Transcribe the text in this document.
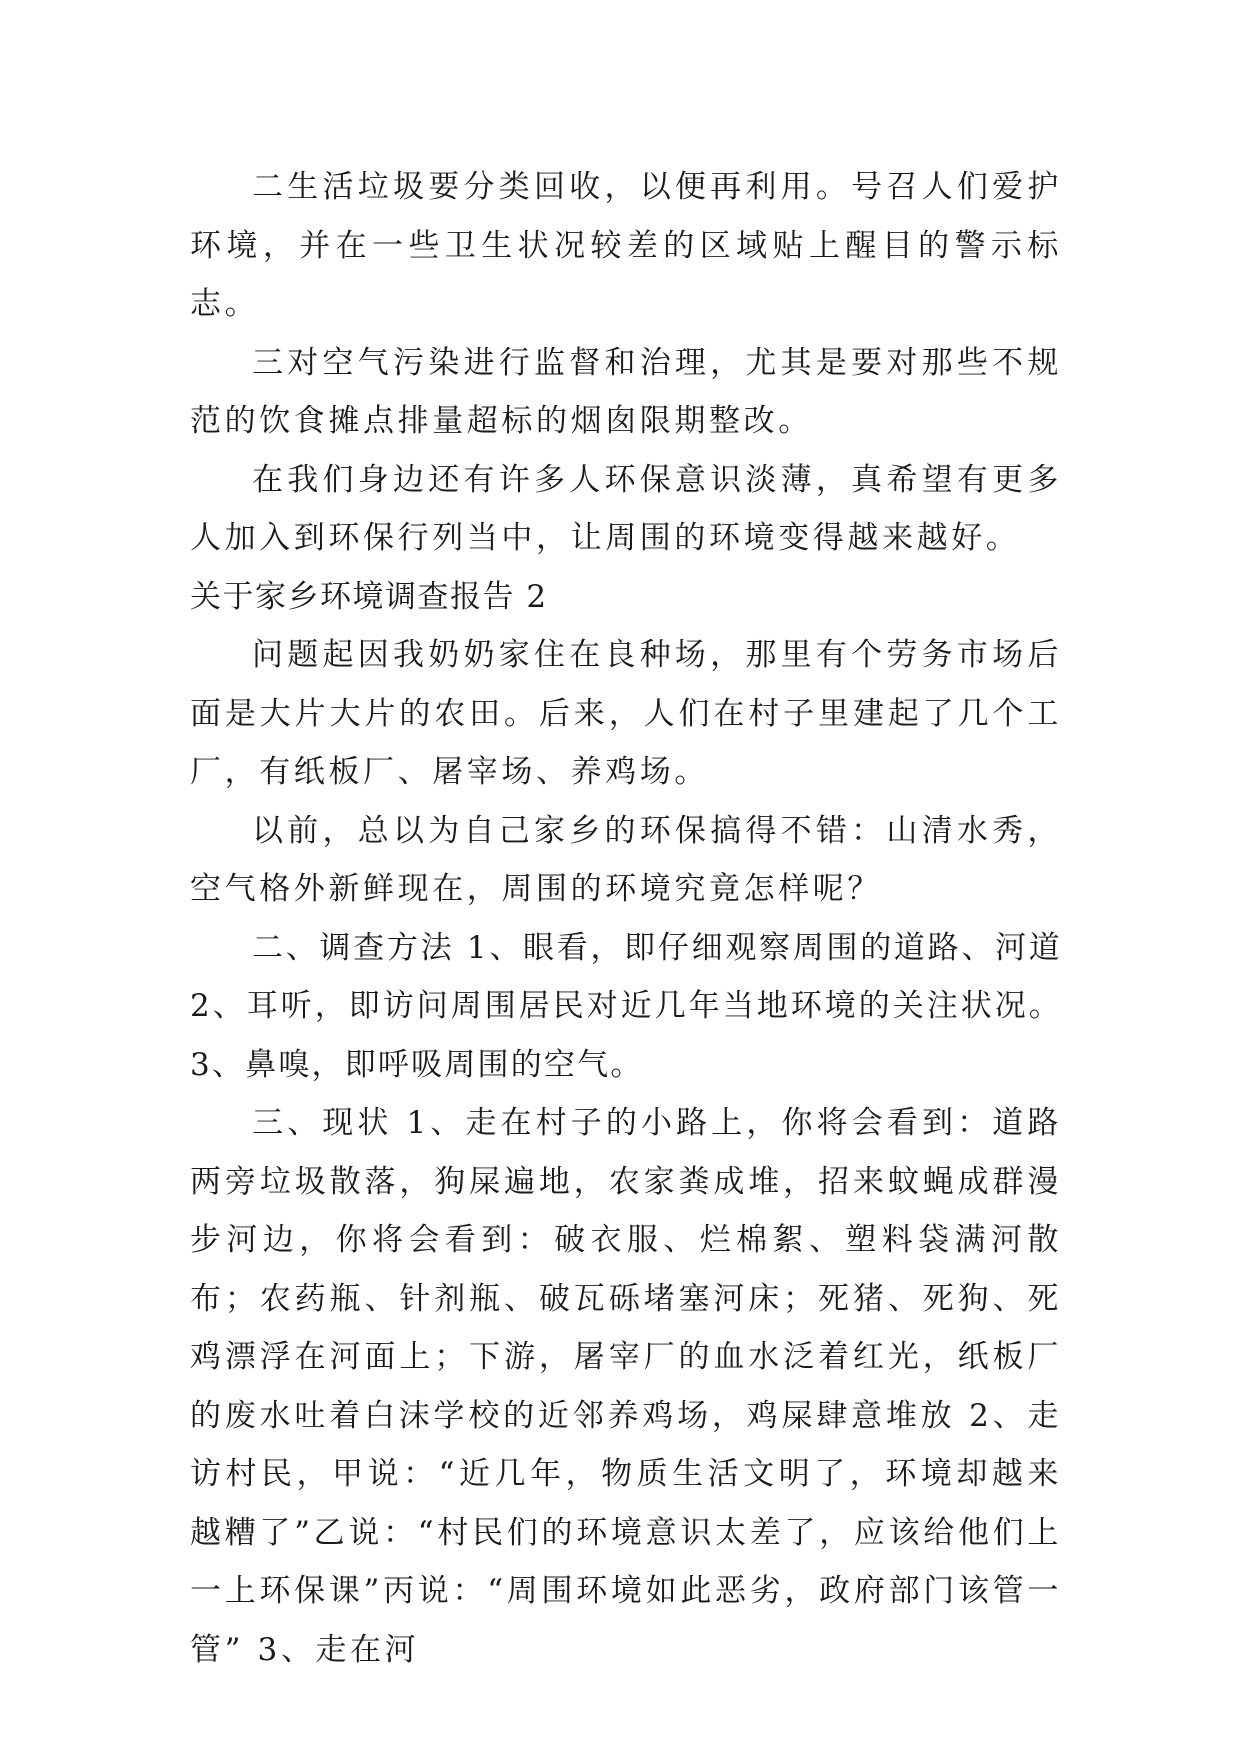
二生活垃圾要分类回收，以便再利用。号召人们爱护环境，并在一些卫生状况较差的区域贴上醒目的警示标志。

三对空气污染进行监督和治理，尤其是要对那些不规范的饮食摊点排量超标的烟囱限期整改。

在我们身边还有许多人环保意识淡薄，真希望有更多人加入到环保行列当中，让周围的环境变得越来越好。

关于家乡环境调查报告 2

问题起因我奶奶家住在良种场，那里有个劳务市场后面是大片大片的农田。后来，人们在村子里建起了几个工厂，有纸板厂、屠宰场、养鸡场。

以前，总以为自己家乡的环保搞得不错：山清水秀，空气格外新鲜现在，周围的环境究竟怎样呢？

二、调查方法 1、眼看，即仔细观察周围的道路、河道 2、耳听，即访问周围居民对近几年当地环境的关注状况。3、鼻嗅，即呼吸周围的空气。

三、现状 1、走在村子的小路上，你将会看到：道路两旁垃圾散落，狗屎遍地，农家粪成堆，招来蚊蝇成群漫步河边，你将会看到：破衣服、烂棉絮、塑料袋满河散布；农药瓶、针剂瓶、破瓦砾堵塞河床；死猪、死狗、死鸡漂浮在河面上；下游，屠宰厂的血水泛着红光，纸板厂的废水吐着白沫学校的近邻养鸡场，鸡屎肆意堆放 2、走访村民，甲说：“近几年，物质生活文明了，环境却越来越糟了”乙说：“村民们的环境意识太差了，应该给他们上一上环保课”丙说：“周围环境如此恶劣，政府部门该管一管” 3、走在河
